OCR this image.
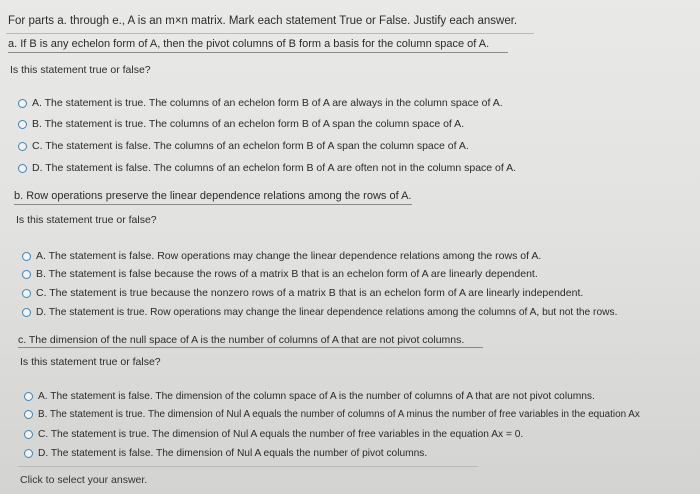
For parts a. through e., A is an m×n matrix. Mark each statement True or False. Justify each answer.
a. If B is any echelon form of A, then the pivot columns of B form a basis for the column space of A.
Is this statement true or false?
A. The statement is true. The columns of an echelon form B of A are always in the column space of A.
B. The statement is true. The columns of an echelon form B of A span the column space of A.
C. The statement is false. The columns of an echelon form B of A span the column space of A.
D. The statement is false. The columns of an echelon form B of A are often not in the column space of A.
b. Row operations preserve the linear dependence relations among the rows of A.
Is this statement true or false?
A. The statement is false. Row operations may change the linear dependence relations among the rows of A.
B. The statement is false because the rows of a matrix B that is an echelon form of A are linearly dependent.
C. The statement is true because the nonzero rows of a matrix B that is an echelon form of A are linearly independent.
D. The statement is true. Row operations may change the linear dependence relations among the columns of A, but not the rows.
c. The dimension of the null space of A is the number of columns of A that are not pivot columns.
Is this statement true or false?
A. The statement is false. The dimension of the column space of A is the number of columns of A that are not pivot columns.
B. The statement is true. The dimension of Nul A equals the number of columns of A minus the number of free variables in the equation Ax
C. The statement is true. The dimension of Nul A equals the number of free variables in the equation Ax = 0.
D. The statement is false. The dimension of Nul A equals the number of pivot columns.
Click to select your answer.
